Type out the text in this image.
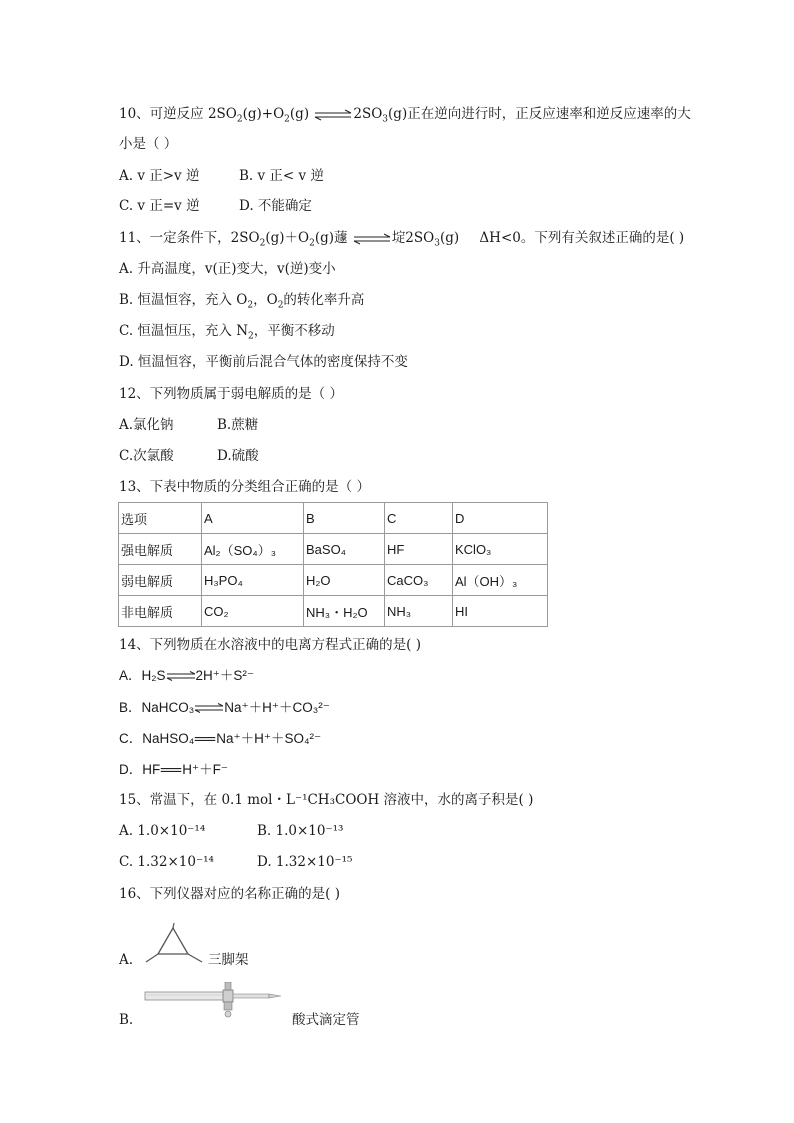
10、可逆反应 $2SO_2(g)+O_2(g)$ $\rightleftharpoons 2SO_3(g)$正在逆向进行时，正反应速率和逆反应速率的大
小是（ ）
A. v 正>v 逆	B. v 正< v 逆
C. v 正=v 逆	D. 不能确定
11、一定条件下，$2SO_2(g)+O_2(g)$蘧 ⇌埞$2SO_3(g)$ ΔH<0。下列有关叙述正确的是( )
A. 升高温度，v(正)变大，v(逆)变小
B. 恒温恒容，充入 $O_2$，$O_2$的转化率升高
C. 恒温恒压，充入 $N_2$，平衡不移动
D. 恒温恒容，平衡前后混合气体的密度保持不变
12、下列物质属于弱电解质的是（ ）
A.氯化钠	B.蔗糖
C.次氯酸	D.硫酸
13、下表中物质的分类组合正确的是（ ）
选项	A	B	C	D
强电解质	Al₂（SO₄）₃	BaSO₄	HF	KClO₃
弱电解质	H₃PO₄	H₂O	CaCO₃	Al（OH）₃
非电解质	CO₂	NH₃・H₂O	NH₃	HI
14、下列物质在水溶液中的电离方程式正确的是( )
A．H₂S⇌2H⁺＋S²⁻
B．NaHCO₃⇌Na⁺＋H⁺＋CO₃²⁻
C．NaHSO₄ Na⁺＋H⁺＋SO₄²⁻
D．HF H⁺＋F⁻
15、常温下，在 0.1 mol・L⁻¹CH₃COOH 溶液中，水的离子积是( )
A. 1.0×10⁻¹⁴	B. 1.0×10⁻¹³
C. 1.32×10⁻¹⁴	D. 1.32×10⁻¹⁵
16、下列仪器对应的名称正确的是( )
A.	三脚架
B.	酸式滴定管
